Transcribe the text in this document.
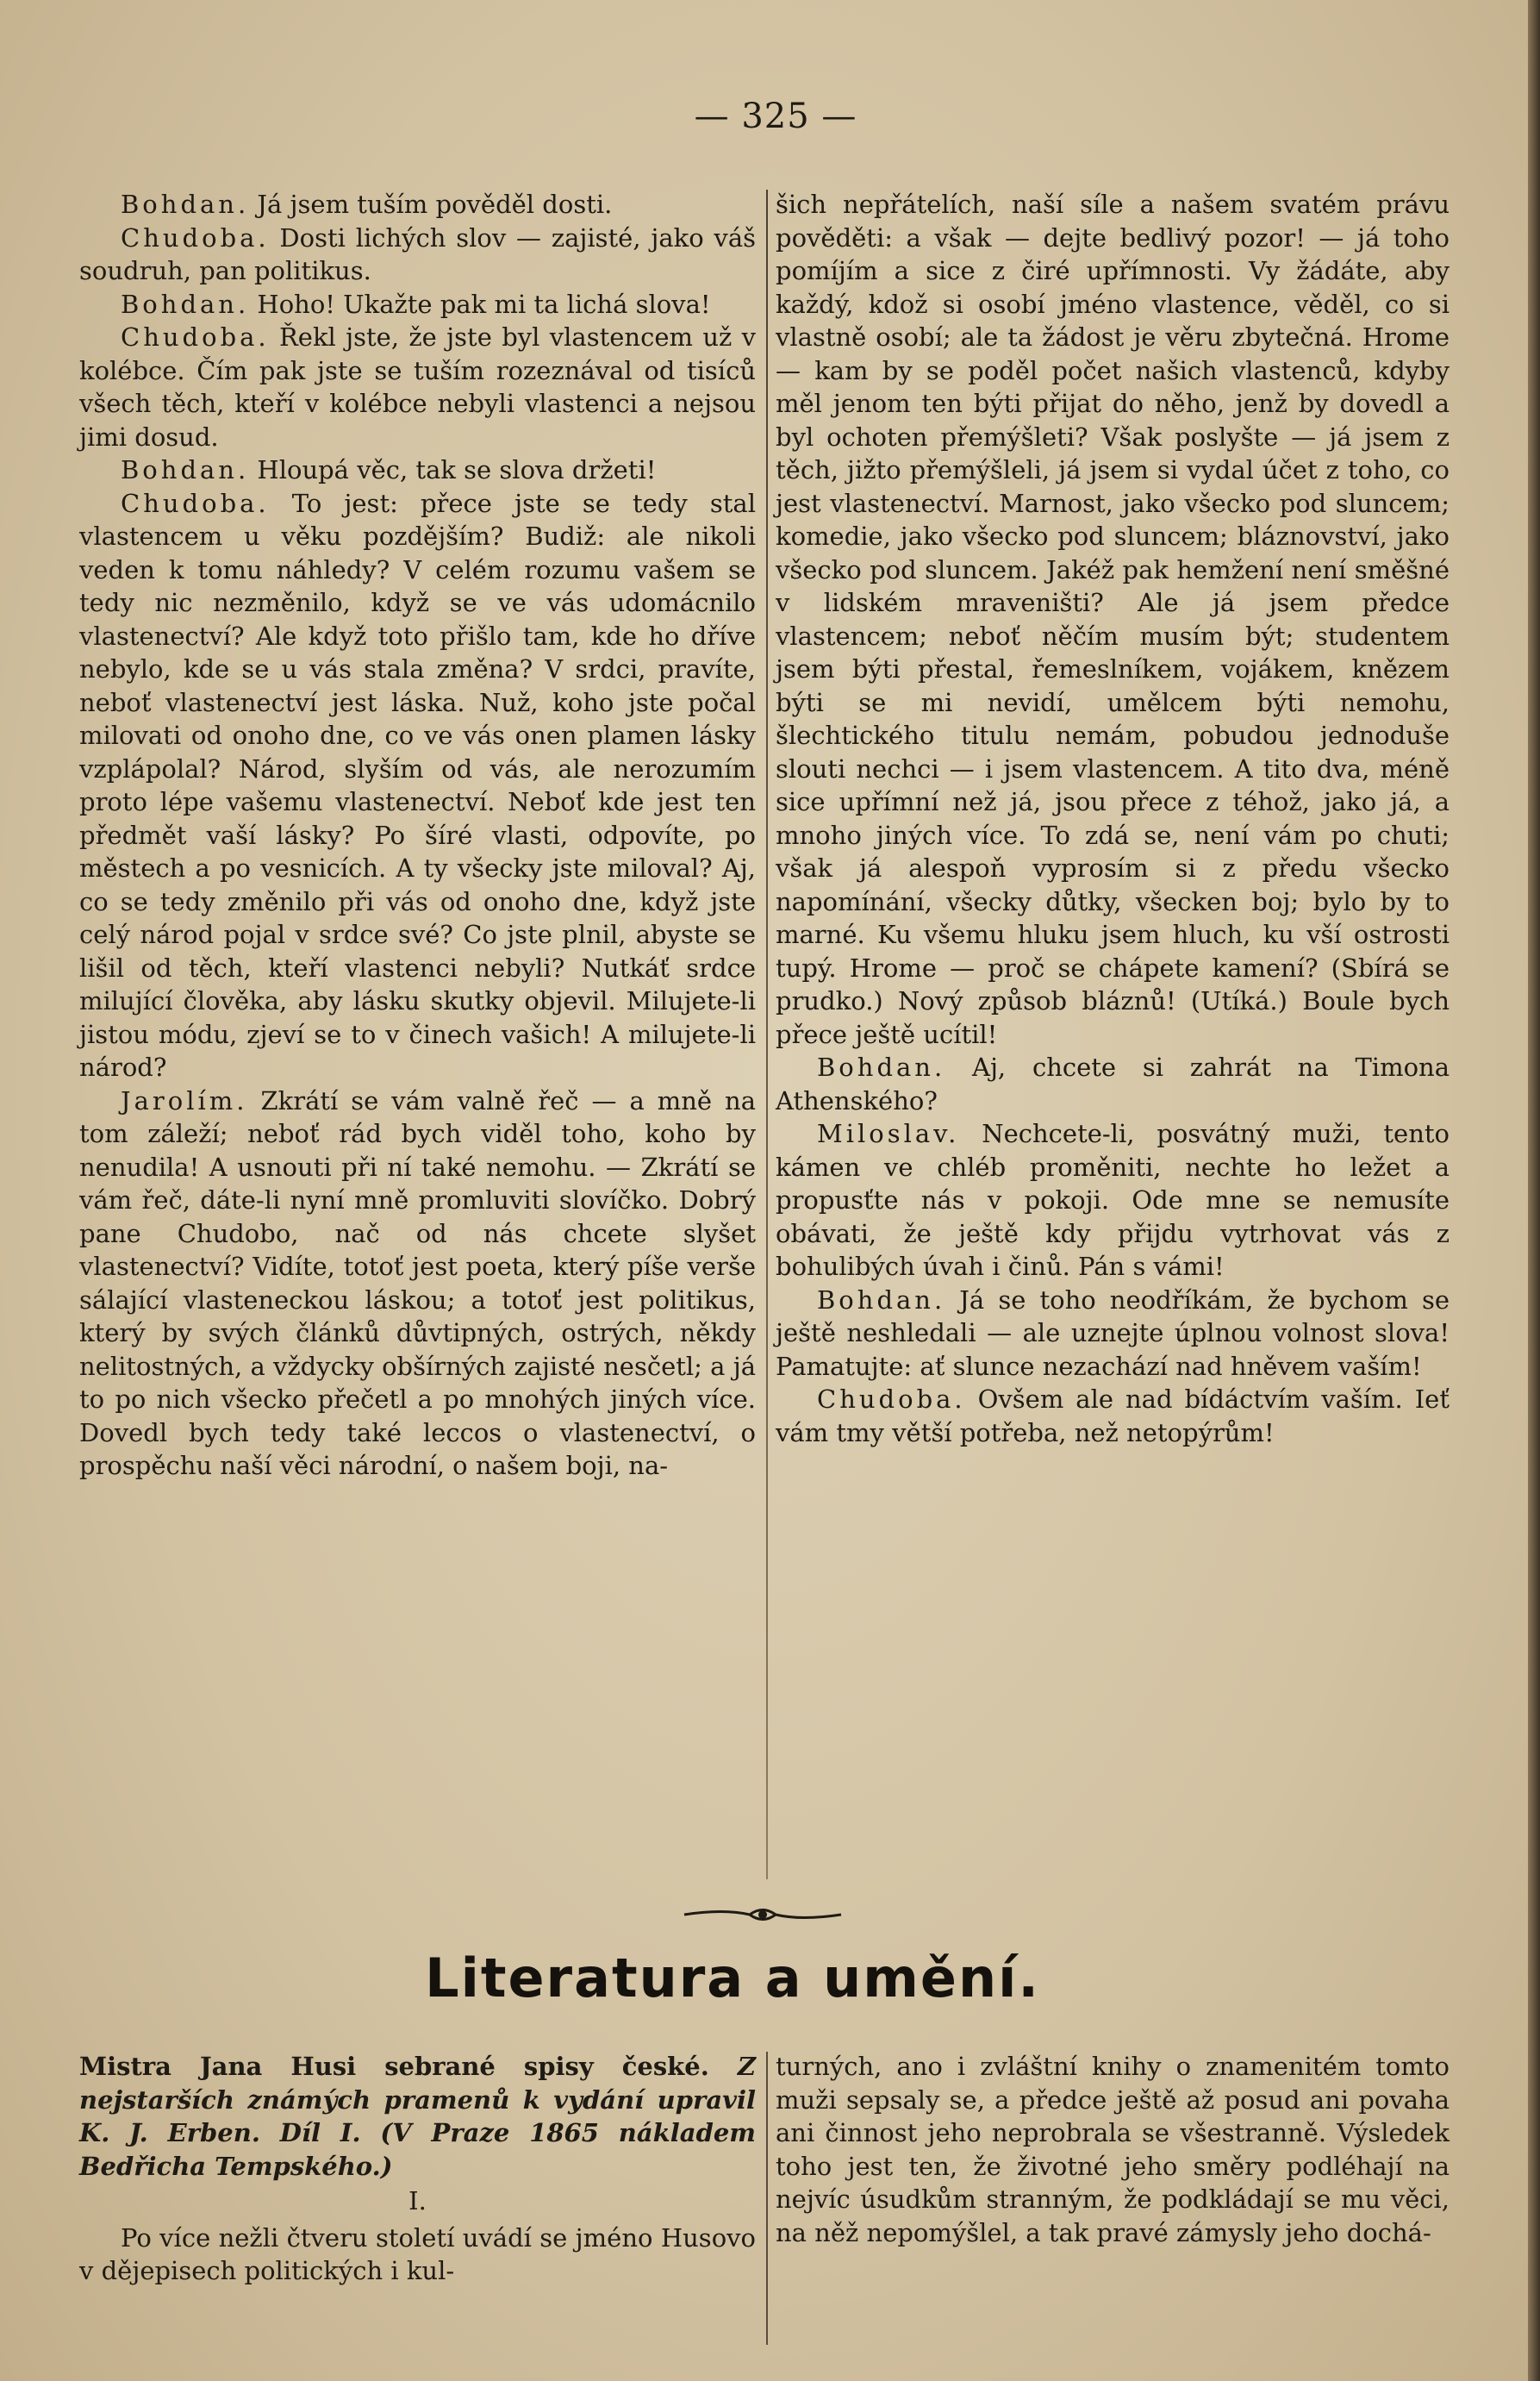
— 325 —

Bohdan. Já jsem tuším pověděl dosti.

Chudoba. Dosti lichých slov — zajisté, jako váš soudruh, pan politikus.

Bohdan. Hoho! Ukažte pak mi ta lichá slova!

Chudoba. Řekl jste, že jste byl vlastencem už v kolébce. Čím pak jste se tuším rozeznával od tisíců všech těch, kteří v kolébce nebyli vlastenci a nejsou jimi dosud.

Bohdan. Hloupá věc, tak se slova držeti!

Chudoba. To jest: přece jste se tedy stal vlastencem u věku pozdějším? Budiž: ale nikoli veden k tomu náhledy? V celém rozumu vašem se tedy nic nezměnilo, když se ve vás udomácnilo vlastenectví? Ale když toto přišlo tam, kde ho dříve nebylo, kde se u vás stala změna? V srdci, pravíte, neboť vlastenectví jest láska. Nuž, koho jste počal milovati od onoho dne, co ve vás onen plamen lásky vzplápolal? Národ, slyším od vás, ale nerozumím proto lépe vašemu vlastenectví. Neboť kde jest ten předmět vaší lásky? Po šíré vlasti, odpovíte, po městech a po vesnicích. A ty všecky jste miloval? Aj, co se tedy změnilo při vás od onoho dne, když jste celý národ pojal v srdce své? Co jste plnil, abyste se lišil od těch, kteří vlastenci nebyli? Nutkáť srdce milující člověka, aby lásku skutky objevil. Milujete-li jistou módu, zjeví se to v činech vašich! A milujete-li národ?

Jarolím. Zkrátí se vám valně řeč — a mně na tom záleží; neboť rád bych viděl toho, koho by nenudila! A usnouti při ní také nemohu. — Zkrátí se vám řeč, dáte-li nyní mně promluviti slovíčko. Dobrý pane Chudobo, nač od nás chcete slyšet vlastenectví? Vidíte, totoť jest poeta, který píše verše sálající vlasteneckou láskou; a totoť jest politikus, který by svých článků důvtipných, ostrých, někdy nelitostných, a vždycky obšírných zajisté nesčetl; a já to po nich všecko přečetl a po mnohých jiných více. Dovedl bych tedy také leccos o vlastenectví, o prospěchu naší věci národní, o našem boji, na-

šich nepřátelích, naší síle a našem svatém právu pověděti: a však — dejte bedlivý pozor! — já toho pomíjím a sice z čiré upřímnosti. Vy žádáte, aby každý, kdož si osobí jméno vlastence, věděl, co si vlastně osobí; ale ta žádost je věru zbytečná. Hrome — kam by se poděl počet našich vlastenců, kdyby měl jenom ten býti přijat do něho, jenž by dovedl a byl ochoten přemýšleti? Však poslyšte — já jsem z těch, jižto přemýšleli, já jsem si vydal účet z toho, co jest vlastenectví. Marnost, jako všecko pod sluncem; komedie, jako všecko pod sluncem; bláznovství, jako všecko pod sluncem. Jakéž pak hemžení není směšné v lidském mraveništi? Ale já jsem předce vlastencem; neboť něčím musím být; studentem jsem býti přestal, řemeslníkem, vojákem, knězem býti se mi nevidí, umělcem býti nemohu, šlechtického titulu nemám, pobudou jednoduše slouti nechci — i jsem vlastencem. A tito dva, méně sice upřímní než já, jsou přece z téhož, jako já, a mnoho jiných více. To zdá se, není vám po chuti; však já alespoň vyprosím si z předu všecko napomínání, všecky důtky, všecken boj; bylo by to marné. Ku všemu hluku jsem hluch, ku vší ostrosti tupý. Hrome — proč se chápete kamení? (Sbírá se prudko.) Nový způsob bláznů! (Utíká.) Boule bych přece ještě ucítil!

Bohdan. Aj, chcete si zahrát na Timona Athenského?

Miloslav. Nechcete-li, posvátný muži, tento kámen ve chléb proměniti, nechte ho ležet a propusťte nás v pokoji. Ode mne se nemusíte obávati, že ještě kdy přijdu vytrhovat vás z bohulibých úvah i činů. Pán s vámi!

Bohdan. Já se toho neodříkám, že bychom se ještě neshledali — ale uznejte úplnou volnost slova! Pamatujte: ať slunce nezachází nad hněvem vaším!

Chudoba. Ovšem ale nad bídáctvím vaším. Ieť vám tmy větší potřeba, než netopýrům!

Literatura a umění.

Mistra Jana Husi sebrané spisy české. Z nejstarších známých pramenů k vydání upravil K. J. Erben. Díl I. (V Praze 1865 nákladem Bedřicha Tempského.)

I.

Po více nežli čtveru století uvádí se jméno Husovo v dějepisech politických i kul-

turných, ano i zvláštní knihy o znamenitém tomto muži sepsaly se, a předce ještě až posud ani povaha ani činnost jeho neprobrala se všestranně. Výsledek toho jest ten, že životné jeho směry podléhají na nejvíc úsudkům stranným, že podkládají se mu věci, na něž nepomýšlel, a tak pravé zámysly jeho dochá-
